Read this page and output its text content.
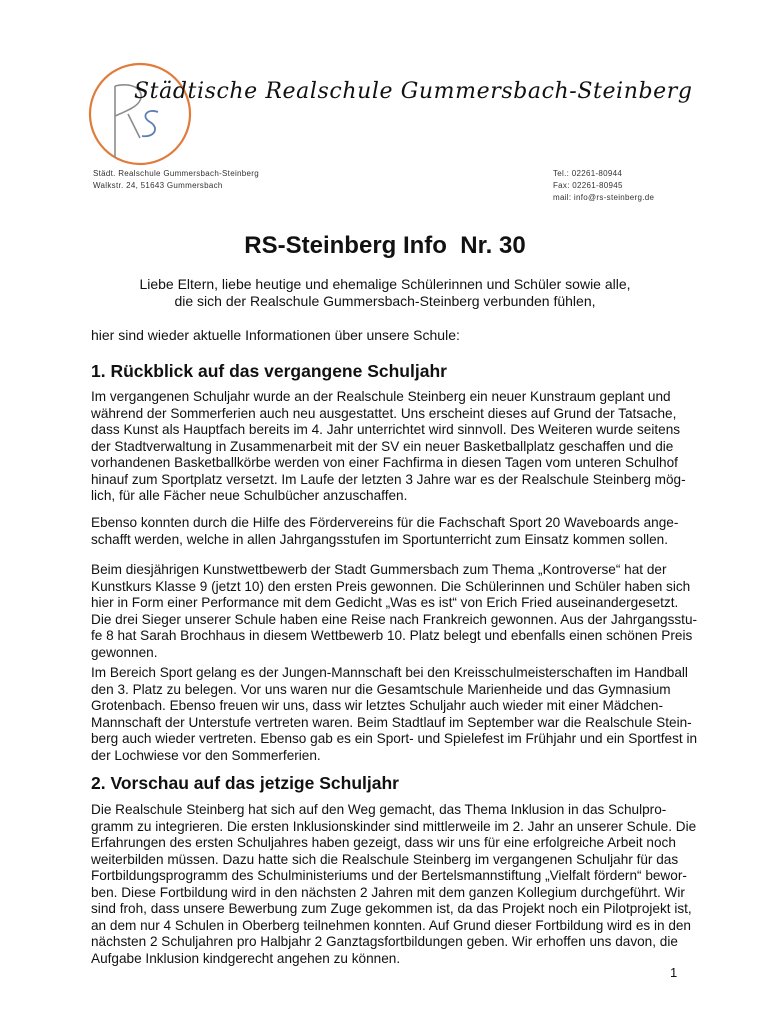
Städtische Realschule Gummersbach-Steinberg
Städt. Realschule Gummersbach-Steinberg
Walkstr. 24, 51643 Gummersbach
Tel.: 02261-80944
Fax: 02261-80945
mail: info@rs-steinberg.de
RS-Steinberg Info  Nr. 30
Liebe Eltern, liebe heutige und ehemalige Schülerinnen und Schüler sowie alle,
die sich der Realschule Gummersbach-Steinberg verbunden fühlen,
hier sind wieder aktuelle Informationen über unsere Schule:
1. Rückblick auf das vergangene Schuljahr
Im vergangenen Schuljahr wurde an der Realschule Steinberg ein neuer Kunstraum geplant und
während der Sommerferien auch neu ausgestattet. Uns erscheint dieses auf Grund der Tatsache,
dass Kunst als Hauptfach bereits im 4. Jahr unterrichtet wird sinnvoll. Des Weiteren wurde seitens
der Stadtverwaltung in Zusammenarbeit mit der SV ein neuer Basketballplatz geschaffen und die
vorhandenen Basketballkörbe werden von einer Fachfirma in diesen Tagen vom unteren Schulhof
hinauf zum Sportplatz versetzt. Im Laufe der letzten 3 Jahre war es der Realschule Steinberg mög-
lich, für alle Fächer neue Schulbücher anzuschaffen.
Ebenso konnten durch die Hilfe des Fördervereins für die Fachschaft Sport 20 Waveboards ange-
schafft werden, welche in allen Jahrgangsstufen im Sportunterricht zum Einsatz kommen sollen.
Beim diesjährigen Kunstwettbewerb der Stadt Gummersbach zum Thema „Kontroverse“ hat der
Kunstkurs Klasse 9 (jetzt 10) den ersten Preis gewonnen. Die Schülerinnen und Schüler haben sich
hier in Form einer Performance mit dem Gedicht „Was es ist“ von Erich Fried auseinandergesetzt.
Die drei Sieger unserer Schule haben eine Reise nach Frankreich gewonnen. Aus der Jahrgangsstu-
fe 8 hat Sarah Brochhaus in diesem Wettbewerb 10. Platz belegt und ebenfalls einen schönen Preis
gewonnen.
Im Bereich Sport gelang es der Jungen-Mannschaft bei den Kreisschulmeisterschaften im Handball
den 3. Platz zu belegen. Vor uns waren nur die Gesamtschule Marienheide und das Gymnasium
Grotenbach. Ebenso freuen wir uns, dass wir letztes Schuljahr auch wieder mit einer Mädchen-
Mannschaft der Unterstufe vertreten waren. Beim Stadtlauf im September war die Realschule Stein-
berg auch wieder vertreten. Ebenso gab es ein Sport- und Spielefest im Frühjahr und ein Sportfest in
der Lochwiese vor den Sommerferien.
2. Vorschau auf das jetzige Schuljahr
Die Realschule Steinberg hat sich auf den Weg gemacht, das Thema Inklusion in das Schulpro-
gramm zu integrieren. Die ersten Inklusionskinder sind mittlerweile im 2. Jahr an unserer Schule. Die
Erfahrungen des ersten Schuljahres haben gezeigt, dass wir uns für eine erfolgreiche Arbeit noch
weiterbilden müssen. Dazu hatte sich die Realschule Steinberg im vergangenen Schuljahr für das
Fortbildungsprogramm des Schulministeriums und der Bertelsmannstiftung „Vielfalt fördern“ bewor-
ben. Diese Fortbildung wird in den nächsten 2 Jahren mit dem ganzen Kollegium durchgeführt. Wir
sind froh, dass unsere Bewerbung zum Zuge gekommen ist, da das Projekt noch ein Pilotprojekt ist,
an dem nur 4 Schulen in Oberberg teilnehmen konnten. Auf Grund dieser Fortbildung wird es in den
nächsten 2 Schuljahren pro Halbjahr 2 Ganztagsfortbildungen geben. Wir erhoffen uns davon, die
Aufgabe Inklusion kindgerecht angehen zu können.
1
